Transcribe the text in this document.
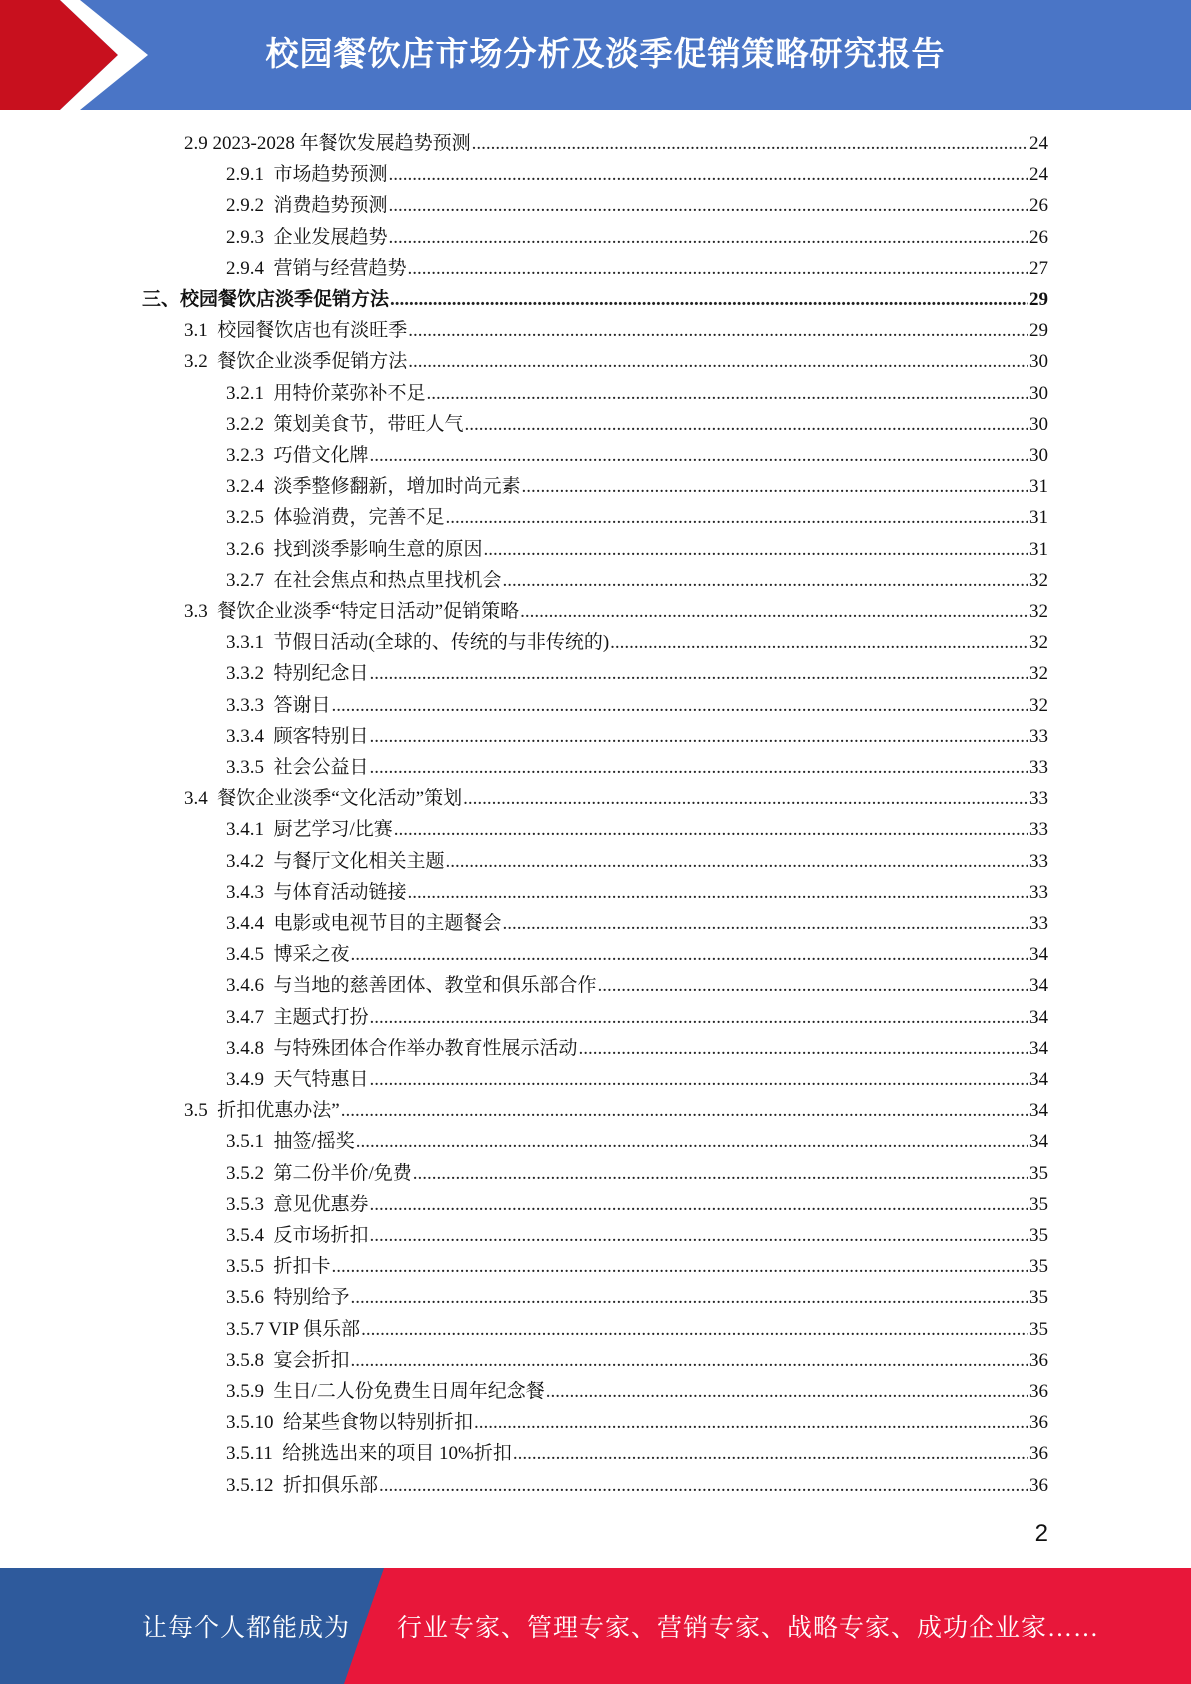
校园餐饮店市场分析及淡季促销策略研究报告
2.9 2023-2028 年餐饮发展趋势预测 .....	24
2.9.1  市场趋势预测 .....	24
2.9.2  消费趋势预测 .....	26
2.9.3  企业发展趋势 .....	26
2.9.4  营销与经营趋势 .....	27
三、校园餐饮店淡季促销方法 .....	29
3.1  校园餐饮店也有淡旺季 .....	29
3.2  餐饮企业淡季促销方法 .....	30
3.2.1  用特价菜弥补不足 .....	30
3.2.2  策划美食节，带旺人气 .....	30
3.2.3  巧借文化牌 .....	30
3.2.4  淡季整修翻新，增加时尚元素 .....	31
3.2.5  体验消费，完善不足 .....	31
3.2.6  找到淡季影响生意的原因 .....	31
3.2.7  在社会焦点和热点里找机会 .....	32
3.3  餐饮企业淡季“特定日活动”促销策略 .....	32
3.3.1  节假日活动(全球的、传统的与非传统的) .....	32
3.3.2  特别纪念日 .....	32
3.3.3  答谢日 .....	32
3.3.4  顾客特别日 .....	33
3.3.5  社会公益日 .....	33
3.4  餐饮企业淡季“文化活动”策划 .....	33
3.4.1  厨艺学习/比赛 .....	33
3.4.2  与餐厅文化相关主题 .....	33
3.4.3  与体育活动链接 .....	33
3.4.4  电影或电视节目的主题餐会 .....	33
3.4.5  博采之夜 .....	34
3.4.6  与当地的慈善团体、教堂和俱乐部合作 .....	34
3.4.7  主题式打扮 .....	34
3.4.8  与特殊团体合作举办教育性展示活动 .....	34
3.4.9  天气特惠日 .....	34
3.5  折扣优惠办法” .....	34
3.5.1  抽签/摇奖 .....	34
3.5.2  第二份半价/免费 .....	35
3.5.3  意见优惠券 .....	35
3.5.4  反市场折扣 .....	35
3.5.5  折扣卡 .....	35
3.5.6  特别给予 .....	35
3.5.7 VIP 俱乐部 .....	35
3.5.8  宴会折扣 .....	36
3.5.9  生日/二人份免费生日周年纪念餐 .....	36
3.5.10  给某些食物以特别折扣 .....	36
3.5.11  给挑选出来的项目 10%折扣 .....	36
3.5.12  折扣俱乐部 .....	36
2
让每个人都能成为 行业专家、管理专家、营销专家、战略专家、成功企业家……
